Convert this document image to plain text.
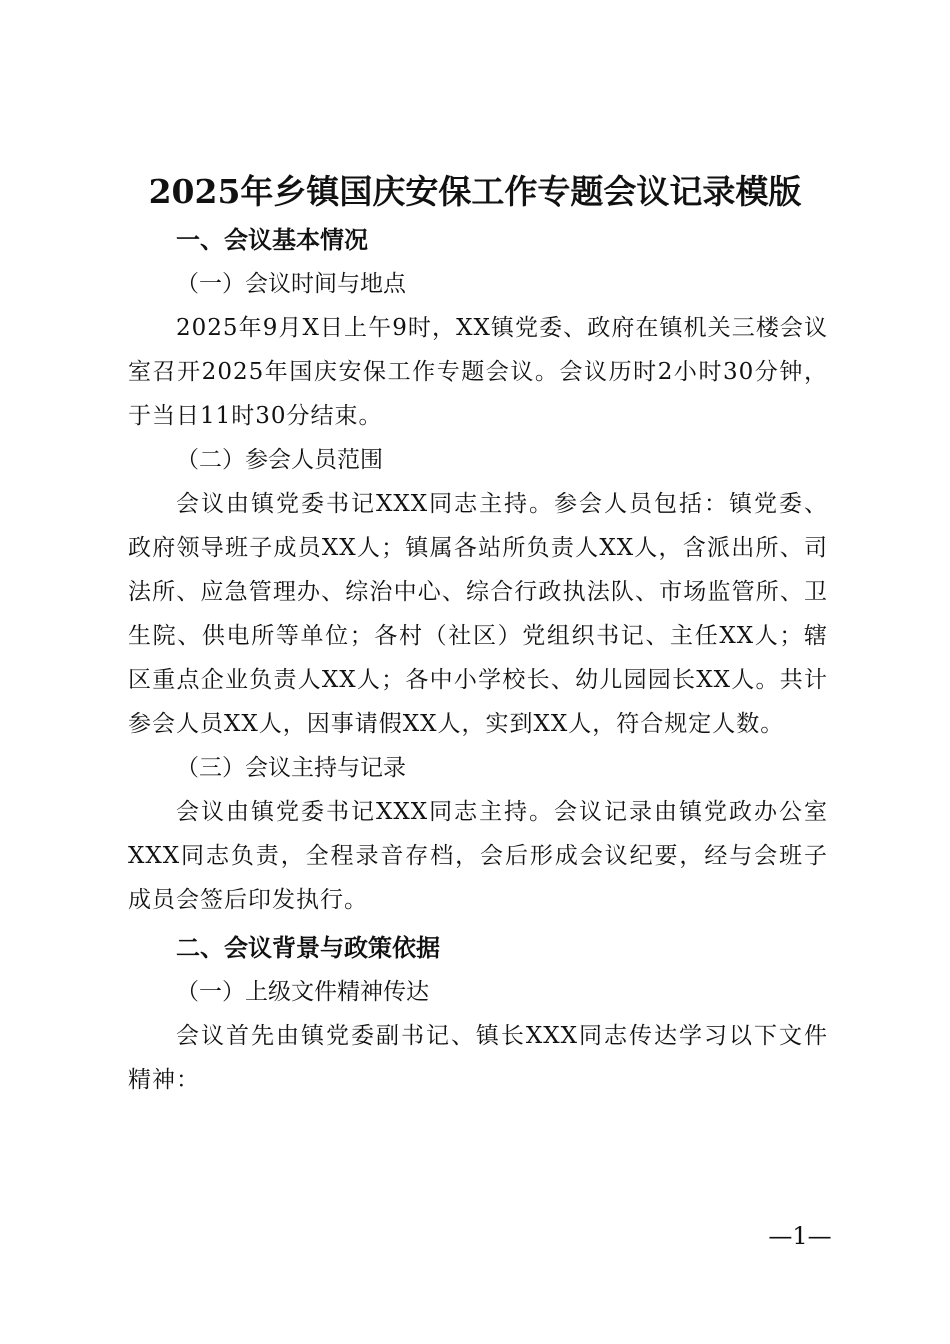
2025年乡镇国庆安保工作专题会议记录模版
一、会议基本情况
（一）会议时间与地点
2025年9月X日上午9时，XX镇党委、政府在镇机关三楼会议室召开2025年国庆安保工作专题会议。会议历时2小时30分钟，于当日11时30分结束。
（二）参会人员范围
会议由镇党委书记XXX同志主持。参会人员包括：镇党委、政府领导班子成员XX人；镇属各站所负责人XX人，含派出所、司法所、应急管理办、综治中心、综合行政执法队、市场监管所、卫生院、供电所等单位；各村（社区）党组织书记、主任XX人；辖区重点企业负责人XX人；各中小学校长、幼儿园园长XX人。共计参会人员XX人，因事请假XX人，实到XX人，符合规定人数。
（三）会议主持与记录
会议由镇党委书记XXX同志主持。会议记录由镇党政办公室XXX同志负责，全程录音存档，会后形成会议纪要，经与会班子成员会签后印发执行。
二、会议背景与政策依据
（一）上级文件精神传达
会议首先由镇党委副书记、镇长XXX同志传达学习以下文件精神：
—1—
